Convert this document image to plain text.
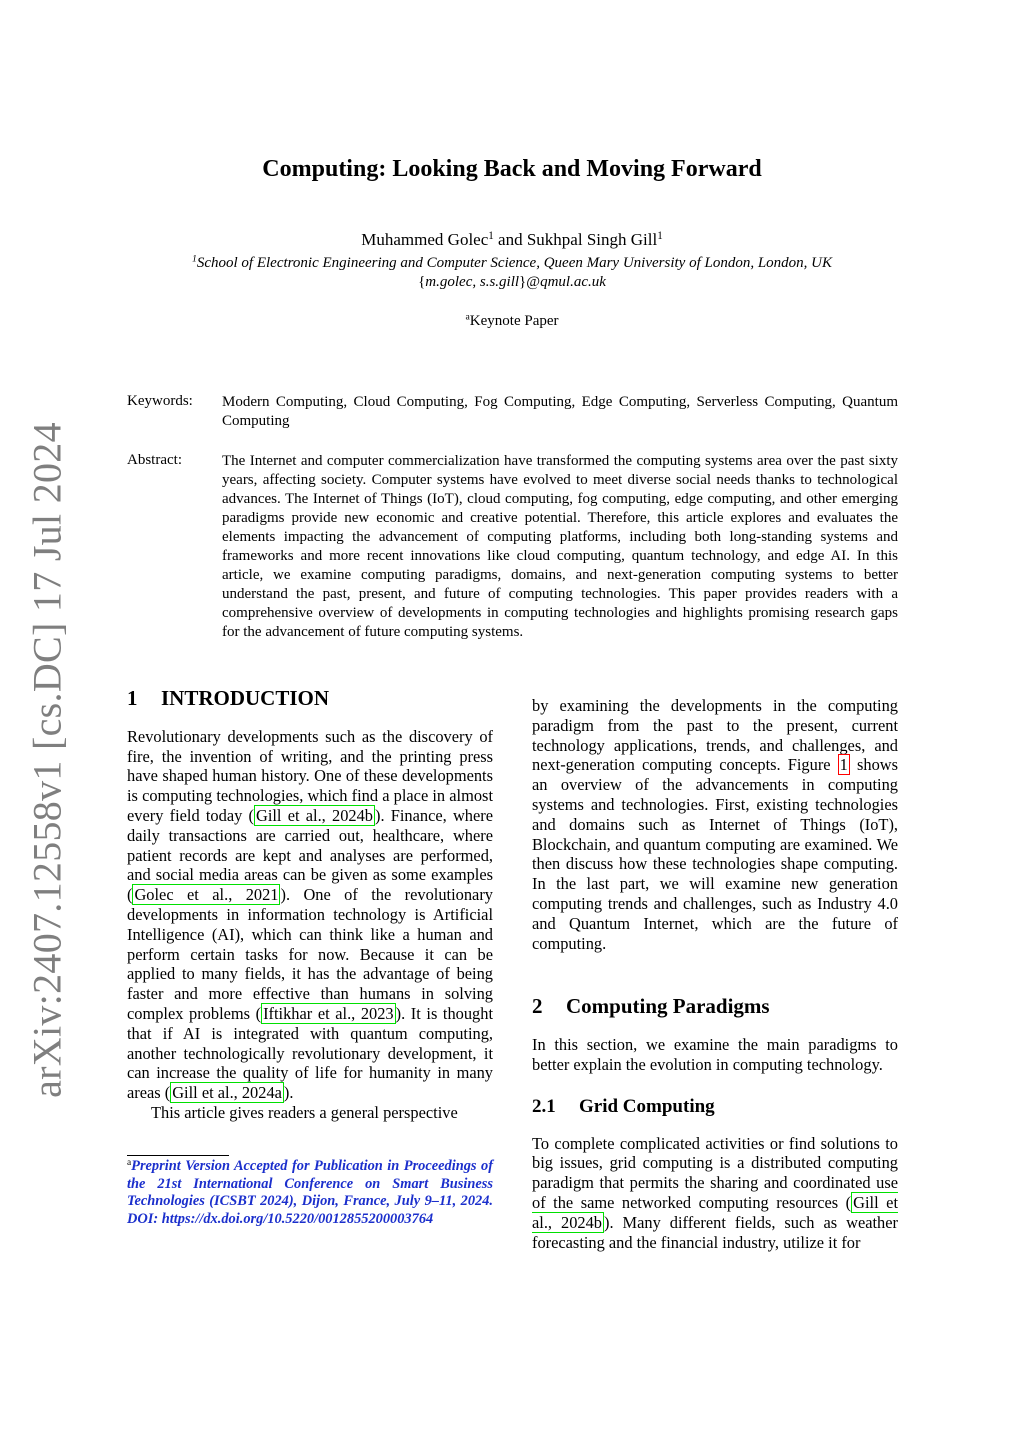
arXiv:2407.12558v1 [cs.DC] 17 Jul 2024
Computing: Looking Back and Moving Forward
Muhammed Golec$^1$ and Sukhpal Singh Gill$^1$
$^1$School of Electronic Engineering and Computer Science, Queen Mary University of London, London, UK
{m.golec, s.s.gill}@qmul.ac.uk
$^a$Keynote Paper
Keywords: Modern Computing, Cloud Computing, Fog Computing, Edge Computing, Serverless Computing, Quantum Computing
Abstract:	The Internet and computer commercialization have transformed the computing systems area over the past sixty years, affecting society. Computer systems have evolved to meet diverse social needs thanks to technological advances. The Internet of Things (IoT), cloud computing, fog computing, edge computing, and other emerging paradigms provide new economic and creative potential. Therefore, this article explores and evaluates the elements impacting the advancement of computing platforms, including both long-standing systems and frameworks and more recent innovations like cloud computing, quantum technology, and edge AI. In this article, we examine computing paradigms, domains, and next-generation computing systems to better understand the past, present, and future of computing technologies. This paper provides readers with a comprehensive overview of developments in computing technologies and highlights promising research gaps for the advancement of future computing systems.
1 INTRODUCTION

Revolutionary developments such as the discovery of fire, the invention of writing, and the printing press have shaped human history. One of these developments is computing technologies, which find a place in almost every field today ( Gill et al., 2024b ). Finance, where daily transactions are carried out, healthcare, where patient records are kept and analyses are performed, and social media areas can be given as some examples ( Golec et al., 2021 ). One of the revolutionary developments in information technology is Artificial Intelligence (AI), which can think like a human and perform certain tasks for now. Because it can be applied to many fields, it has the advantage of being faster and more effective than humans in solving complex problems ( Iftikhar et al., 2023 ). It is thought that if AI is integrated with quantum computing, another technologically revolutionary development, it can increase the quality of life for humanity in many areas ( Gill et al., 2024a ).

This article gives readers a general perspective

$^a$Preprint Version Accepted for Publication in Proceedings of the 21st International Conference on Smart Business Technologies (ICSBT 2024), Dijon, France, July 9–11, 2024. DOI: https://dx.doi.org/10.5220/0012855200003764

by examining the developments in the computing paradigm from the past to the present, current technology applications, trends, and challenges, and next-generation computing concepts. Figure 1 shows an overview of the advancements in computing systems and technologies. First, existing technologies and domains such as Internet of Things (IoT), Blockchain, and quantum computing are examined. We then discuss how these technologies shape computing. In the last part, we will examine new generation computing trends and challenges, such as Industry 4.0 and Quantum Internet, which are the future of computing.

2 Computing Paradigms

In this section, we examine the main paradigms to better explain the evolution in computing technology.

2.1 Grid Computing

To complete complicated activities or find solutions to big issues, grid computing is a distributed computing paradigm that permits the sharing and coordinated use of the same networked computing resources ( Gill et al., 2024b ). Many different fields, such as weather forecasting and the financial industry, utilize it for
